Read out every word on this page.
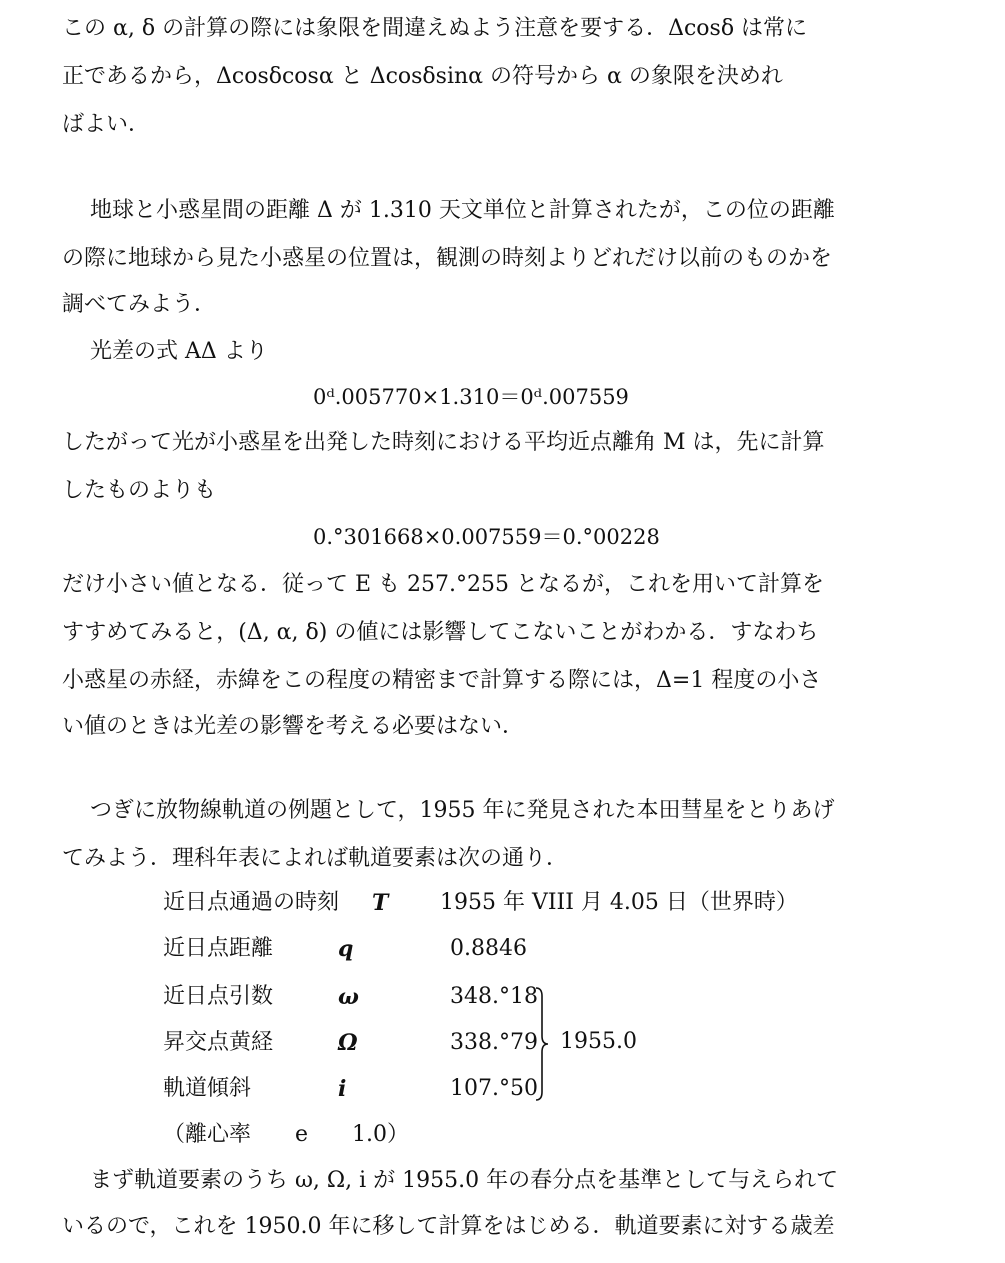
この α, δ の計算の際には象限を間違えぬよう注意を要する．Δcosδ は常に
正であるから，Δcosδcosα と Δcosδsinα の符号から α の象限を決めれ
ばよい．
地球と小惑星間の距離 Δ が 1.310 天文単位と計算されたが，この位の距離
の際に地球から見た小惑星の位置は，観測の時刻よりどれだけ以前のものかを
調べてみよう．
光差の式 AΔ より
0ᵈ.005770×1.310＝0ᵈ.007559
したがって光が小惑星を出発した時刻における平均近点離角 M は，先に計算
したものよりも
0.°301668×0.007559＝0.°00228
だけ小さい値となる．従って E も 257.°255 となるが，これを用いて計算を
すすめてみると，(Δ, α, δ) の値には影響してこないことがわかる．すなわち
小惑星の赤経，赤緯をこの程度の精密まで計算する際には，Δ=1 程度の小さ
い値のときは光差の影響を考える必要はない．
つぎに放物線軌道の例題として，1955 年に発見された本田彗星をとりあげ
てみよう．理科年表によれば軌道要素は次の通り．
近日点通過の時刻 T 1955 年 VIII 月 4.05 日（世界時）
近日点距離	q	0.8846
近日点引数	ω	348.°18
昇交点黄経	Ω	338.°79
軌道傾斜	i	107.°50
1955.0
（離心率　　e　　1.0）
まず軌道要素のうち ω, Ω, i が 1955.0 年の春分点を基準として与えられて
いるので，これを 1950.0 年に移して計算をはじめる．軌道要素に対する歳差
